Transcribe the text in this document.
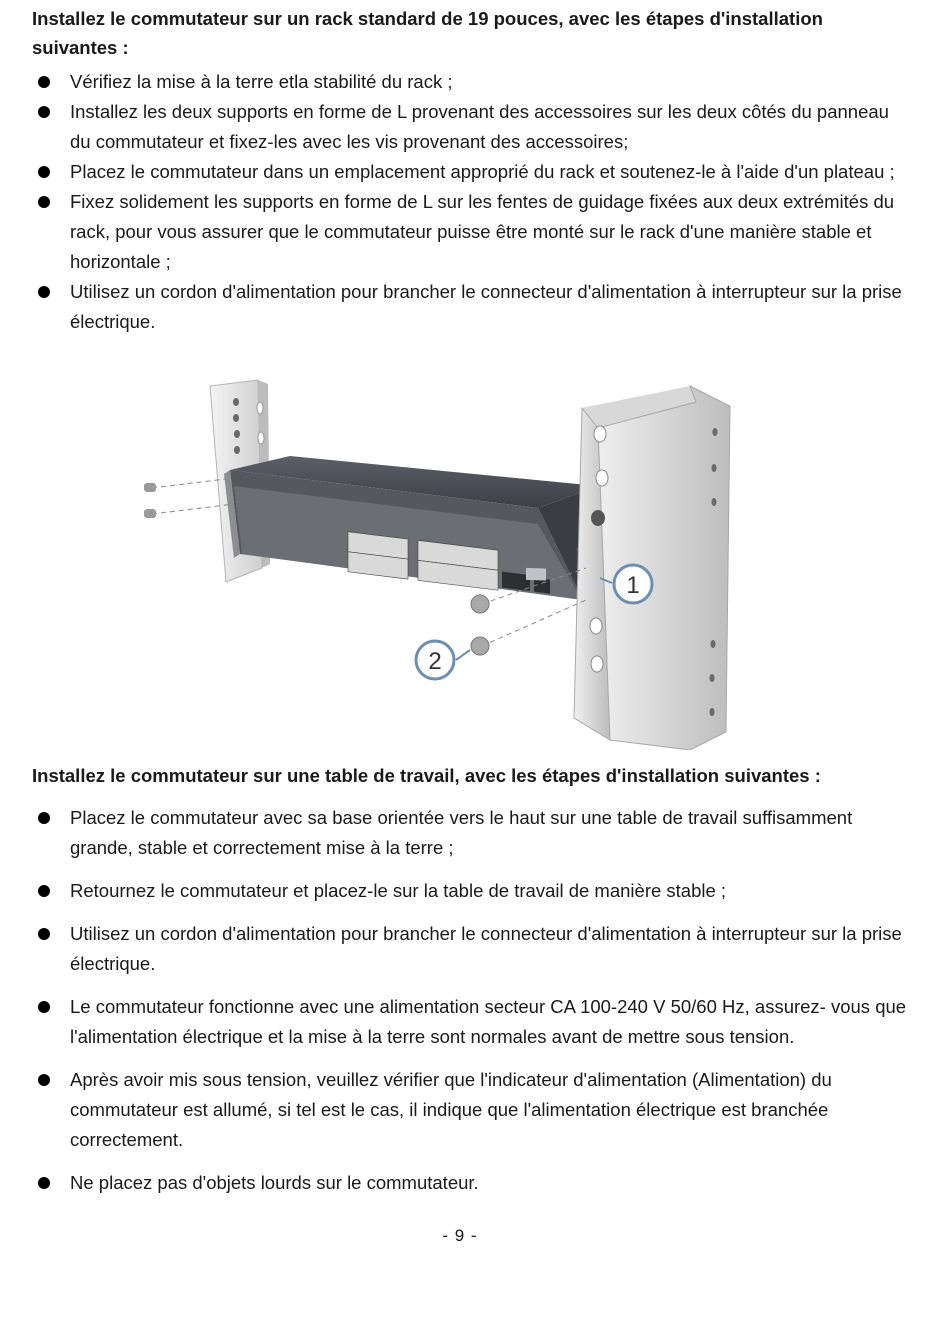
Installez le commutateur sur un rack standard de 19 pouces, avec les étapes d'installation suivantes :
Vérifiez la mise à la terre etla stabilité du rack ;
Installez les deux supports en forme de L provenant des accessoires sur les deux côtés du panneau du commutateur et fixez-les avec les vis provenant des accessoires;
Placez le commutateur dans un emplacement approprié du rack et soutenez-le à l'aide d'un plateau ;
Fixez solidement les supports en forme de L sur les fentes de guidage fixées aux deux extrémités du rack, pour vous assurer que le commutateur puisse être monté sur le rack d'une manière stable et horizontale ;
Utilisez un cordon d'alimentation pour brancher le connecteur d'alimentation à interrupteur sur la prise électrique.
1
2
Installez le commutateur sur une table de travail, avec les étapes d'installation suivantes :
Placez le commutateur avec sa base orientée vers le haut sur une table de travail suffisamment grande, stable et correctement mise à la terre ;
Retournez le commutateur et placez-le sur la table de travail de manière stable ;
Utilisez un cordon d'alimentation pour brancher le connecteur d'alimentation à interrupteur sur la prise électrique.
Le commutateur fonctionne avec une alimentation secteur CA 100-240 V 50/60 Hz, assurez- vous que l'alimentation électrique et la mise à la terre sont normales avant de mettre sous tension.
Après avoir mis sous tension, veuillez vérifier que l'indicateur d'alimentation (Alimentation) du commutateur est allumé, si tel est le cas, il indique que l'alimentation électrique est branchée correctement.
Ne placez pas d'objets lourds sur le commutateur.
- 9 -
